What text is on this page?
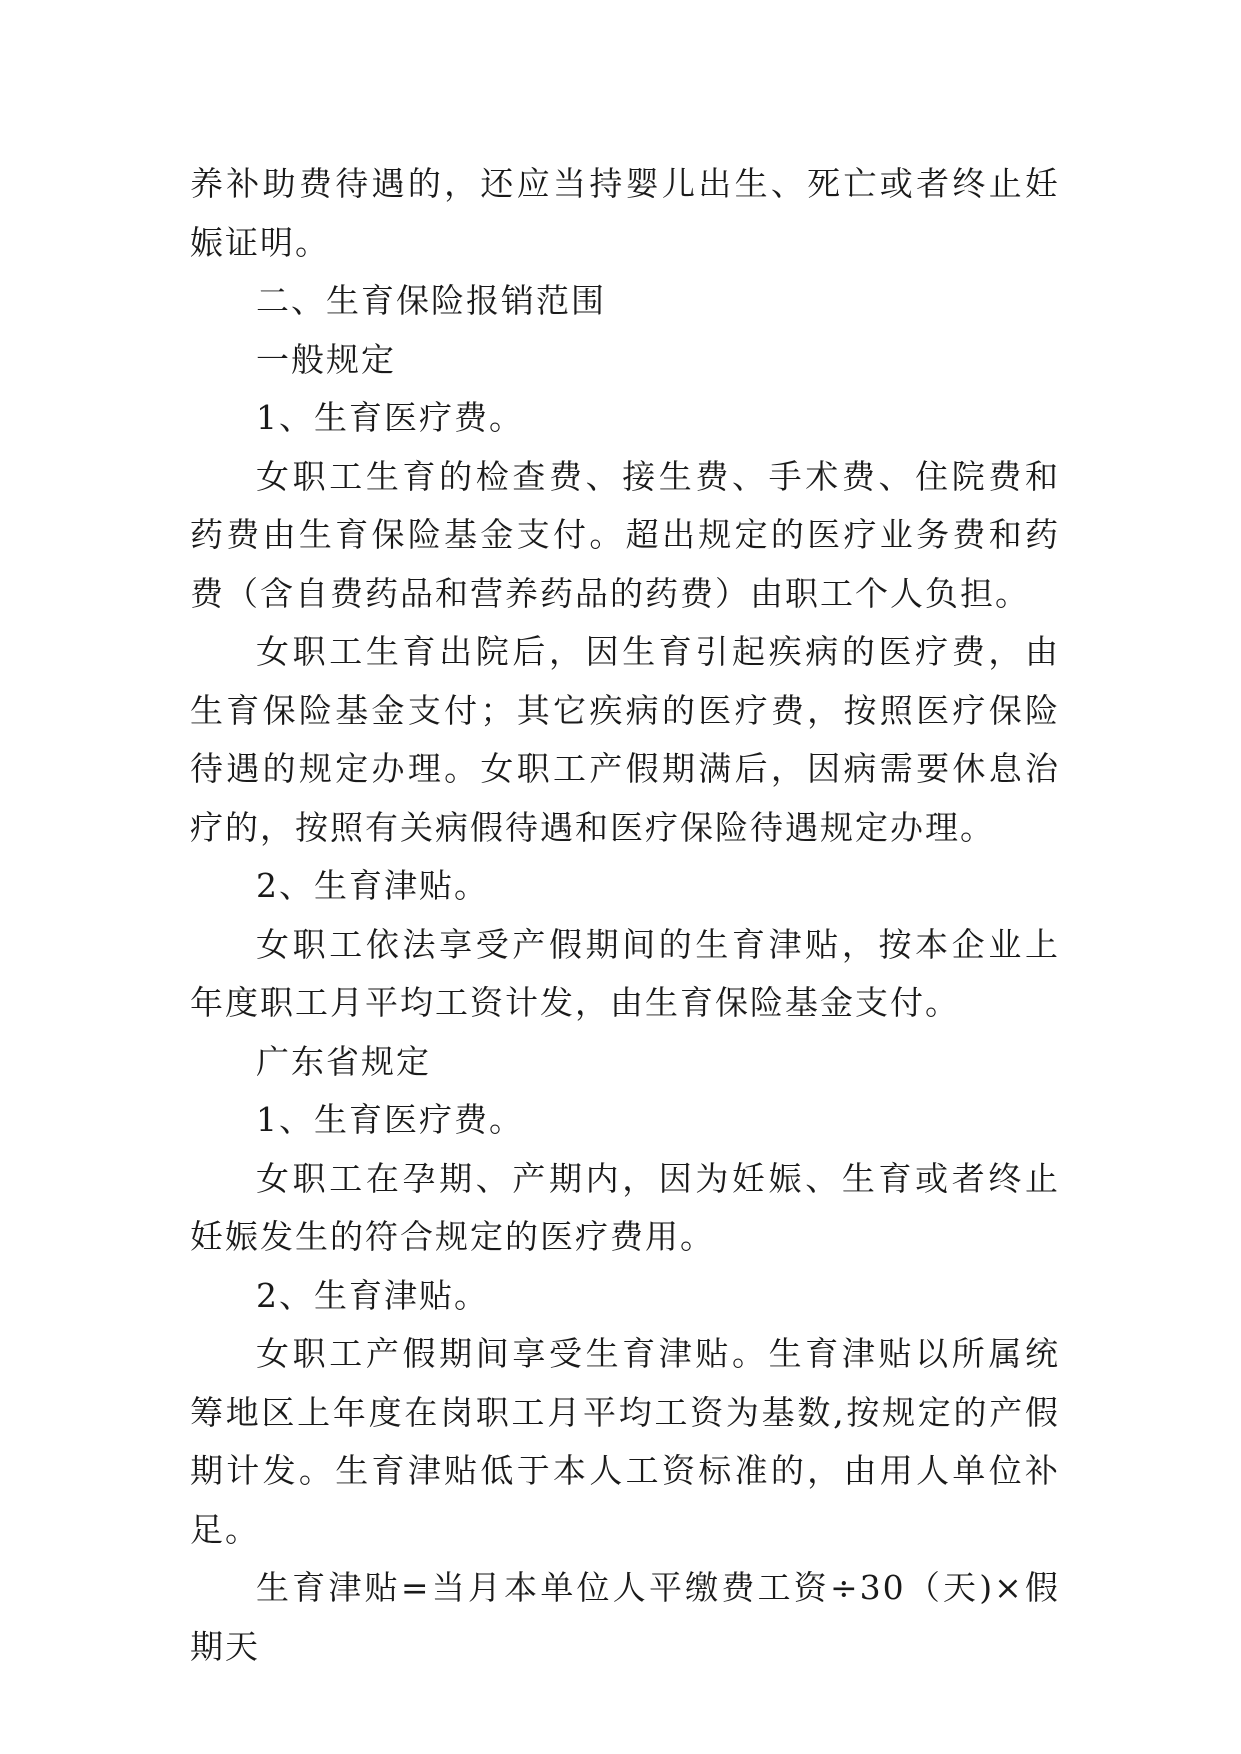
养补助费待遇的，还应当持婴儿出生、死亡或者终止妊娠证明。

二、生育保险报销范围

一般规定

1、生育医疗费。

女职工生育的检查费、接生费、手术费、住院费和药费由生育保险基金支付。超出规定的医疗业务费和药费（含自费药品和营养药品的药费）由职工个人负担。

女职工生育出院后，因生育引起疾病的医疗费，由生育保险基金支付；其它疾病的医疗费，按照医疗保险待遇的规定办理。女职工产假期满后，因病需要休息治疗的，按照有关病假待遇和医疗保险待遇规定办理。

2、生育津贴。

女职工依法享受产假期间的生育津贴，按本企业上年度职工月平均工资计发，由生育保险基金支付。

广东省规定

1、生育医疗费。

女职工在孕期、产期内，因为妊娠、生育或者终止妊娠发生的符合规定的医疗费用。

2、生育津贴。

女职工产假期间享受生育津贴。生育津贴以所属统筹地区上年度在岗职工月平均工资为基数,按规定的产假期计发。生育津贴低于本人工资标准的，由用人单位补足。

生育津贴=当月本单位人平缴费工资÷30（天)×假期天
